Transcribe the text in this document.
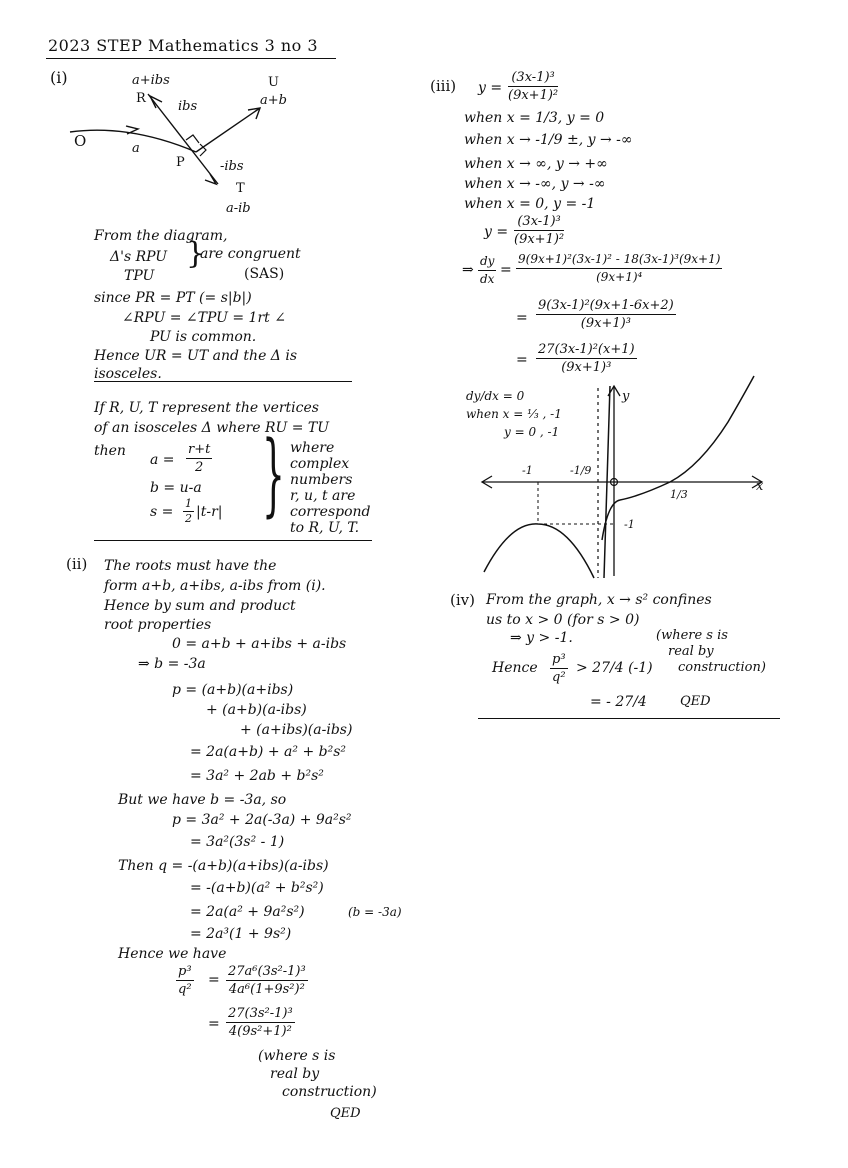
2023 STEP Mathematics 3 no 3
(i)
O	a
P
R
a+ibs
ibs
U
a+b
-ibs
T
a-ib
From the diagram,
Δ's RPU
TPU
}
are congruent
(SAS)
since PR = PT (= s|b|)
∠RPU = ∠TPU = 1rt ∠
PU is common.
Hence UR = UT and the Δ is
isosceles.
If R, U, T represent the vertices
of an isosceles Δ where RU = TU
then
$a = \frac{r+t}{2}$
b = u-a
$s = \frac{1}{2} |t-r|$ } where
complex
numbers
r, u, t are
correspond
to R, U, T.
(ii) The roots must have the
form a+b, a+ibs, a-ibs from (i).
Hence by sum and product
root properties
0 = a+b + a+ibs + a-ibs
⇒ b = -3a
p = (a+b)(a+ibs)
+ (a+b)(a-ibs)
+ (a+ibs)(a-ibs)
= 2a(a+b) + a² + b²s²
= 3a² + 2ab + b²s²
But we have b = -3a, so
p = 3a² + 2a(-3a) + 9a²s²
= 3a²(3s² - 1)
Then q = -(a+b)(a+ibs)(a-ibs)
= -(a+b)(a² + b²s²)
= 2a(a² + 9a²s²)	(b = -3a)
= 2a³(1 + 9s²)
Hence we have
$\frac{\text{p³}}{\text{q²}} = \frac{\text{27a⁶(3s²-1)³}}{\text{4a⁶(1+9s²)²}}$
= $\frac{\text{27(3s²-1)³}}{\text{4(9s²+1)²}}$
(where s is
real by
construction)
QED
(iii) $y = \frac{\text{(3x-1)³}}{\text{(9x+1)²}}$
when x = 1/3, y = 0
when x → -1/9 ±, y → -∞
when x → ∞, y → +∞
when x → -∞, y → -∞
when x = 0, y = -1
$y = \frac{\text{(3x-1)³}}{\text{(9x+1)²}}$
⇒ $\frac{dy}{dx} = \frac{\text{9(9x+1)²(3x-1)² - 18(3x-1)³(9x+1)}}{\text{(9x+1)⁴}}$
= $\frac{\text{9(3x-1)²(9x+1-6x+2)}}{\text{(9x+1)³}}$
= $\frac{\text{27(3x-1)²(x+1)}}{\text{(9x+1)³}}$
dy/dx = 0
when x = ⅓ , -1
y = 0 , -1
x
y
-1	-1/9
1/3
-1
(iv) From the graph, x → s² confines
us to x > 0 (for s > 0)
⇒ y > -1.	(where s is
real by
construction)
Hence $\frac{\text{p³}}{\text{q²}} > 27/4$ (-1)
= - 27/4	QED
